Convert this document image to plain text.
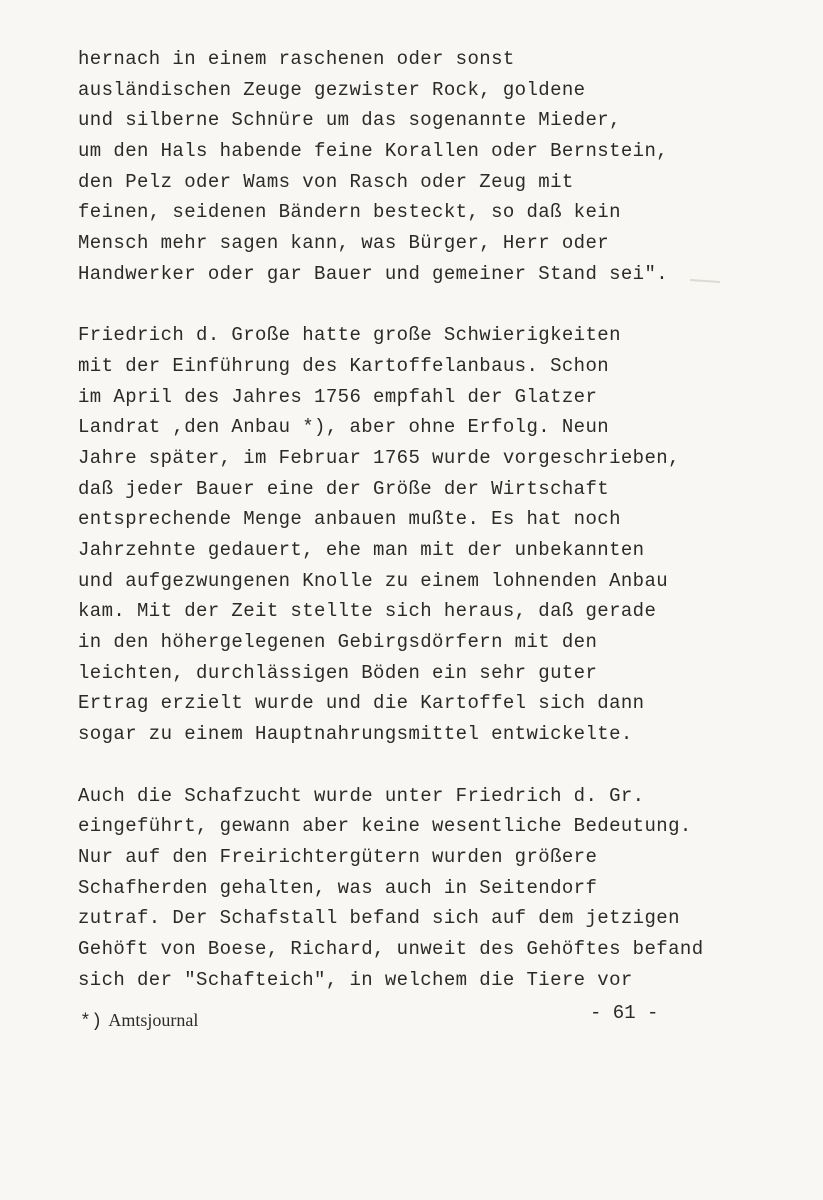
hernach in einem raschenen oder sonst
ausländischen Zeuge gezwister Rock, goldene
und silberne Schnüre um das sogenannte Mieder,
um den Hals habende feine Korallen oder Bernstein,
den Pelz oder Wams von Rasch oder Zeug mit
feinen, seidenen Bändern besteckt, so daß kein
Mensch mehr sagen kann, was Bürger, Herr oder
Handwerker oder gar Bauer und gemeiner Stand sei".
Friedrich d. Große hatte große Schwierigkeiten
mit der Einführung des Kartoffelanbaus. Schon
im April des Jahres 1756 empfahl der Glatzer
Landrat ,den Anbau *), aber ohne Erfolg. Neun
Jahre später, im Februar 1765 wurde vorgeschrieben,
daß jeder Bauer eine der Größe der Wirtschaft
entsprechende Menge anbauen mußte. Es hat noch
Jahrzehnte gedauert, ehe man mit der unbekannten
und aufgezwungenen Knolle zu einem lohnenden Anbau
kam. Mit der Zeit stellte sich heraus, daß gerade
in den höhergelegenen Gebirgsdörfern mit den
leichten, durchlässigen Böden ein sehr guter
Ertrag erzielt wurde und die Kartoffel sich dann
sogar zu einem Hauptnahrungsmittel entwickelte.
Auch die Schafzucht wurde unter Friedrich d. Gr.
eingeführt, gewann aber keine wesentliche Bedeutung.
Nur auf den Freirichtergütern wurden größere
Schafherden gehalten, was auch in Seitendorf
zutraf. Der Schafstall befand sich auf dem jetzigen
Gehöft von Boese, Richard, unweit des Gehöftes befand
sich der "Schafteich", in welchem die Tiere vor
- 61 -
*) Amtsjournal
